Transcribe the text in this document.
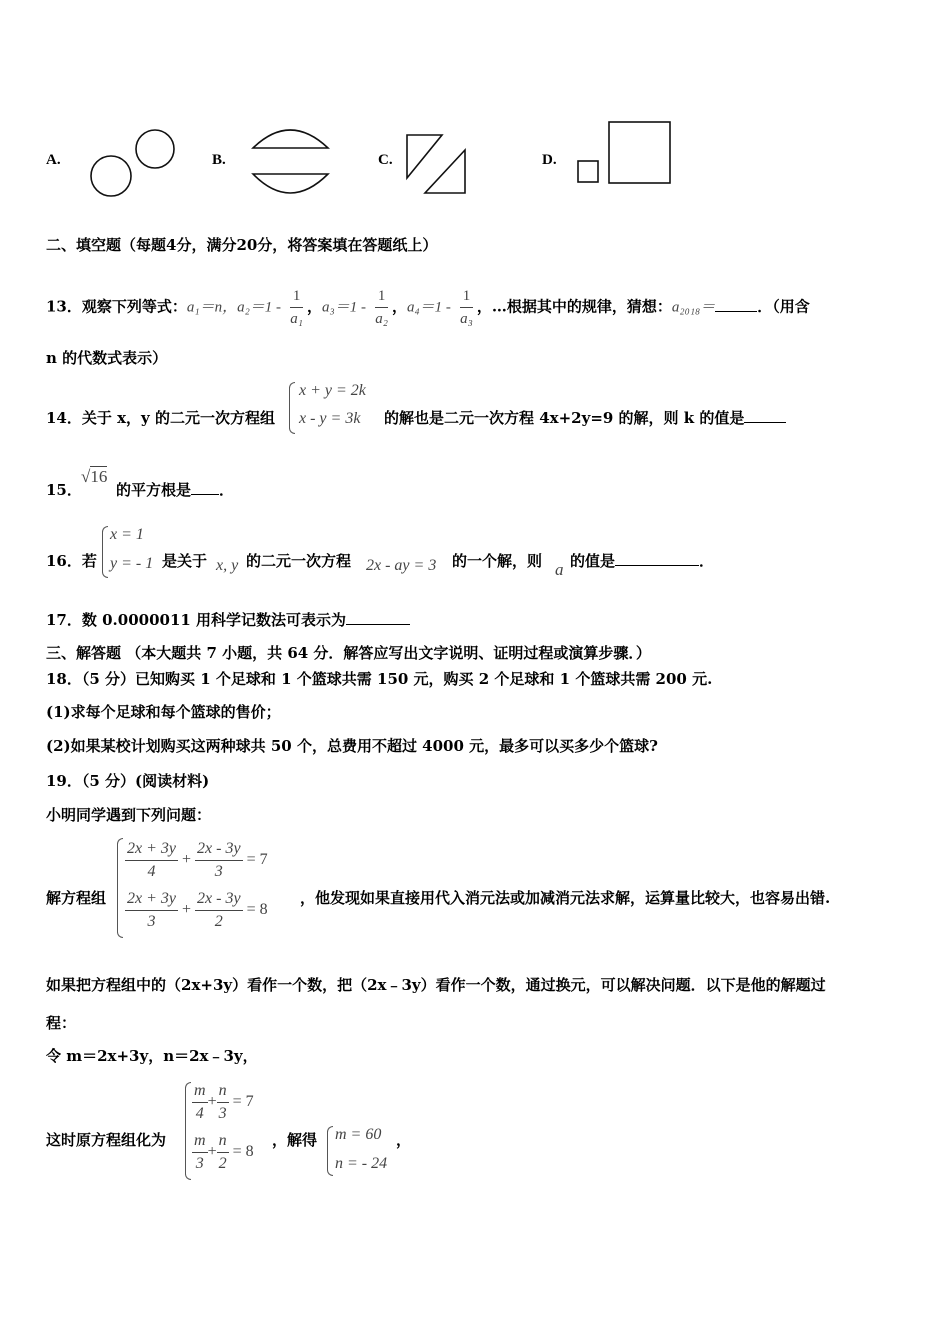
A.	B.	C.	D.
二、填空题（每题4分，满分20分，将答案填在答题纸上）
13．观察下列等式：a₁＝n，$a_2=1 - \frac{1}{\text{a₁}}$ ，$a_3=1 - \frac{1}{\text{a₂}}$ ，$a_4=1 - \frac{1}{\text{a₃}}$ ，…根据其中的规律，猜想：a₂₀₁₈＝	．（用含
n 的代数式表示）
14．关于 x，y 的二元一次方程组
x + y = 2k
x - y = 3k 的解也是二元一次方程 4x+2y=9 的解，则 k 的值是
15．
√16
的平方根是 ．
16．若
x = 1
y = - 1 是关于 x, y 的二元一次方程 2x - ay = 3 的一个解，则 a 的值是	．
17．数 0.0000011 用科学记数法可表示为
三、解答题 （本大题共 7 小题，共 64 分．解答应写出文字说明、证明过程或演算步骤．）
18．（5 分）已知购买 1 个足球和 1 个篮球共需 150 元，购买 2 个足球和 1 个篮球共需 200 元.
(1)求每个足球和每个篮球的售价；
(2)如果某校计划购买这两种球共 50 个，总费用不超过 4000 元，最多可以买多少个篮球?
19．（5 分）(阅读材料)
小明同学遇到下列问题：
解方程组
$\frac{2x + 3y}{4} + \frac{2x - 3y}{3} = 7$
$\frac{2x + 3y}{3} + \frac{2x - 3y}{2} = 8$
，他发现如果直接用代入消元法或加减消元法求解，运算量比较大，也容易出错.
如果把方程组中的（2x+3y）看作一个数，把（2x﹣3y）看作一个数，通过换元，可以解决问题．以下是他的解题过
程：
令 m＝2x+3y，n＝2x﹣3y，
这时原方程组化为
$\frac{m}{4} + \frac{n}{3} = 7$
$\frac{m}{3} + \frac{n}{2} = 8$
，解得 m = 60
n = - 24
，
